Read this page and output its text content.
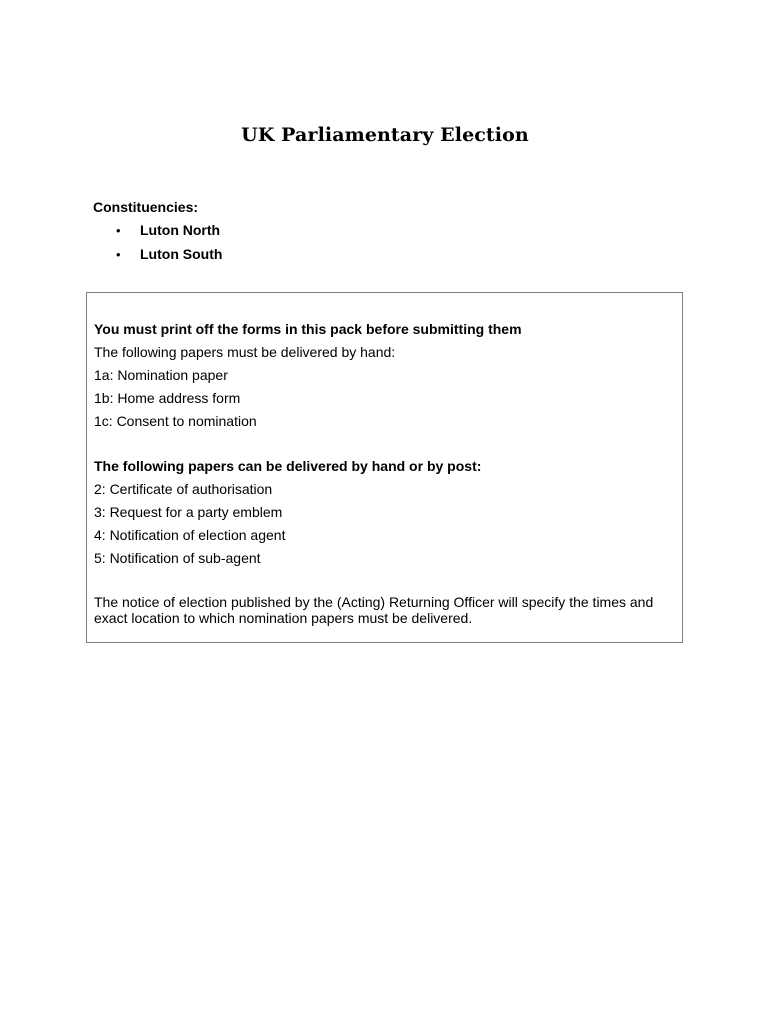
UK Parliamentary Election

Constituencies:

• Luton North
• Luton South

You must print off the forms in this pack before submitting them

The following papers must be delivered by hand:

1a: Nomination paper

1b: Home address form

1c: Consent to nomination

The following papers can be delivered by hand or by post:

2: Certificate of authorisation

3: Request for a party emblem

4: Notification of election agent

5: Notification of sub-agent

The notice of election published by the (Acting) Returning Officer will specify the times and exact location to which nomination papers must be delivered.
